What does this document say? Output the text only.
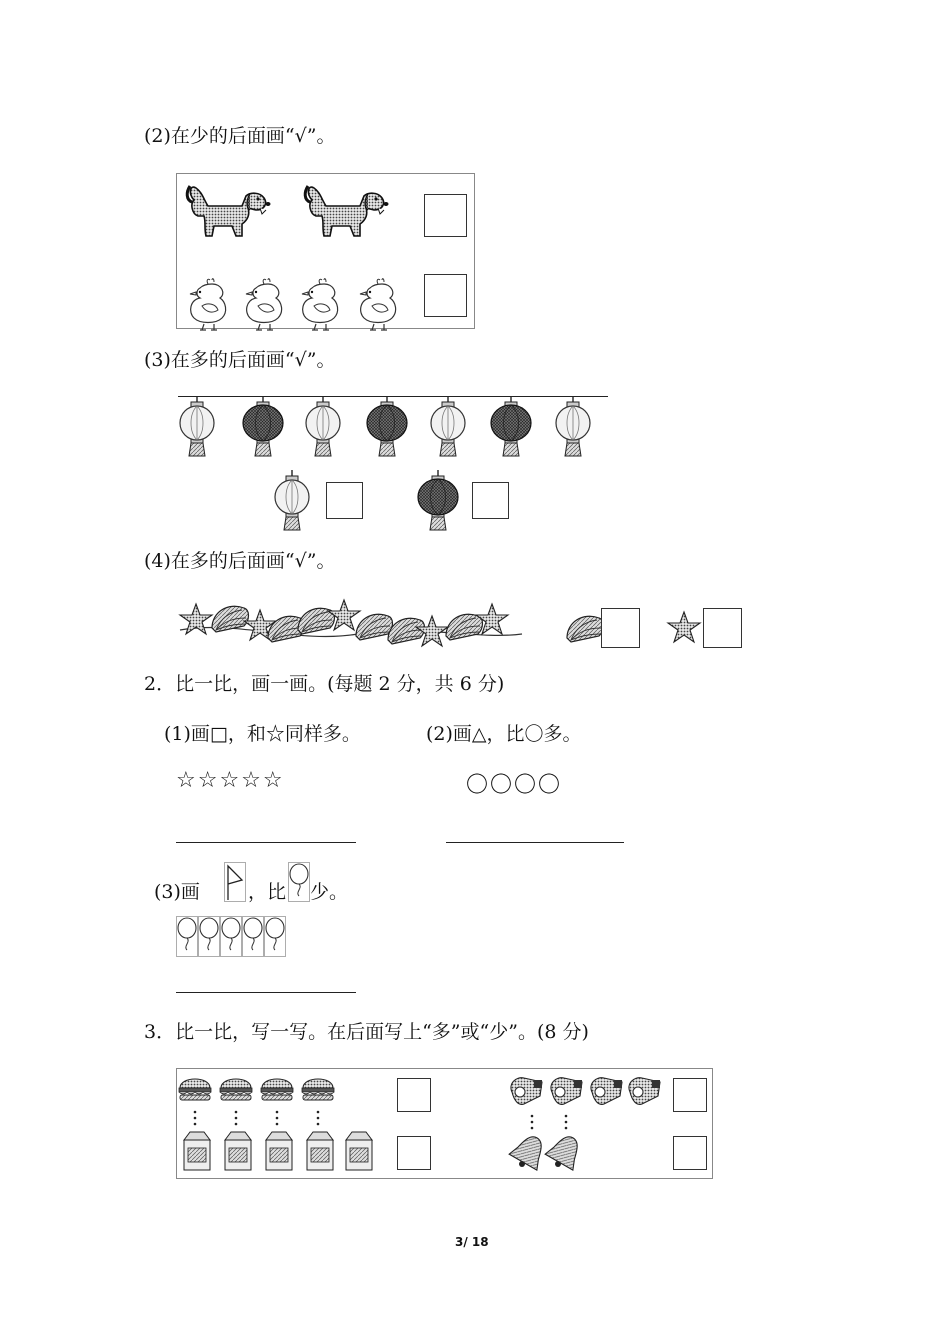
(2)在少的后面画“√”。
(3)在多的后面画“√”。
(4)在多的后面画“√”。
2．比一比，画一画。(每题 2 分，共 6 分)
(1)画□，和☆同样多。	(2)画△，比〇多。
☆☆☆☆☆	〇〇〇〇
(3)画	，比 少。
3．比一比，写一写。在后面写上“多”或“少”。(8 分)
3/ 18
